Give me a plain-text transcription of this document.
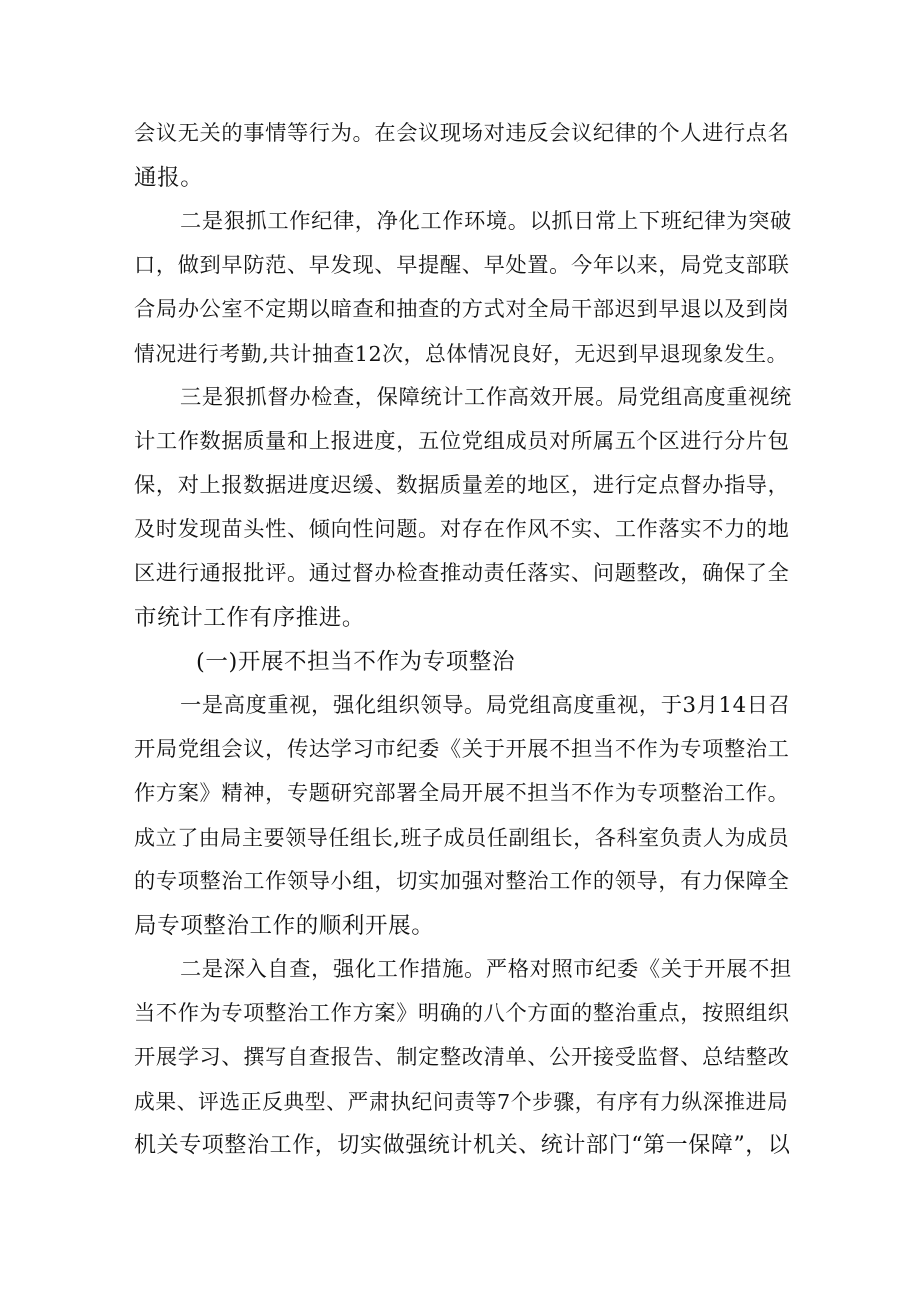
会议无关的事情等行为。在会议现场对违反会议纪律的个人进行点名

通报。

二是狠抓工作纪律，净化工作环境。以抓日常上下班纪律为突破

口，做到早防范、早发现、早提醒、早处置。今年以来，局党支部联

合局办公室不定期以暗查和抽查的方式对全局干部迟到早退以及到岗

情况进行考勤,共计抽查12次，总体情况良好，无迟到早退现象发生。

三是狠抓督办检查，保障统计工作高效开展。局党组高度重视统

计工作数据质量和上报进度，五位党组成员对所属五个区进行分片包

保，对上报数据进度迟缓、数据质量差的地区，进行定点督办指导，

及时发现苗头性、倾向性问题。对存在作风不实、工作落实不力的地

区进行通报批评。通过督办检查推动责任落实、问题整改，确保了全

市统计工作有序推进。

(一)开展不担当不作为专项整治

一是高度重视，强化组织领导。局党组高度重视，于3月14日召

开局党组会议，传达学习市纪委《关于开展不担当不作为专项整治工

作方案》精神，专题研究部署全局开展不担当不作为专项整治工作。

成立了由局主要领导任组长,班子成员任副组长，各科室负责人为成员

的专项整治工作领导小组，切实加强对整治工作的领导，有力保障全

局专项整治工作的顺利开展。

二是深入自查，强化工作措施。严格对照市纪委《关于开展不担

当不作为专项整治工作方案》明确的八个方面的整治重点，按照组织

开展学习、撰写自查报告、制定整改清单、公开接受监督、总结整改

成果、评选正反典型、严肃执纪问责等7个步骤，有序有力纵深推进局

机关专项整治工作，切实做强统计机关、统计部门“第一保障”，以
